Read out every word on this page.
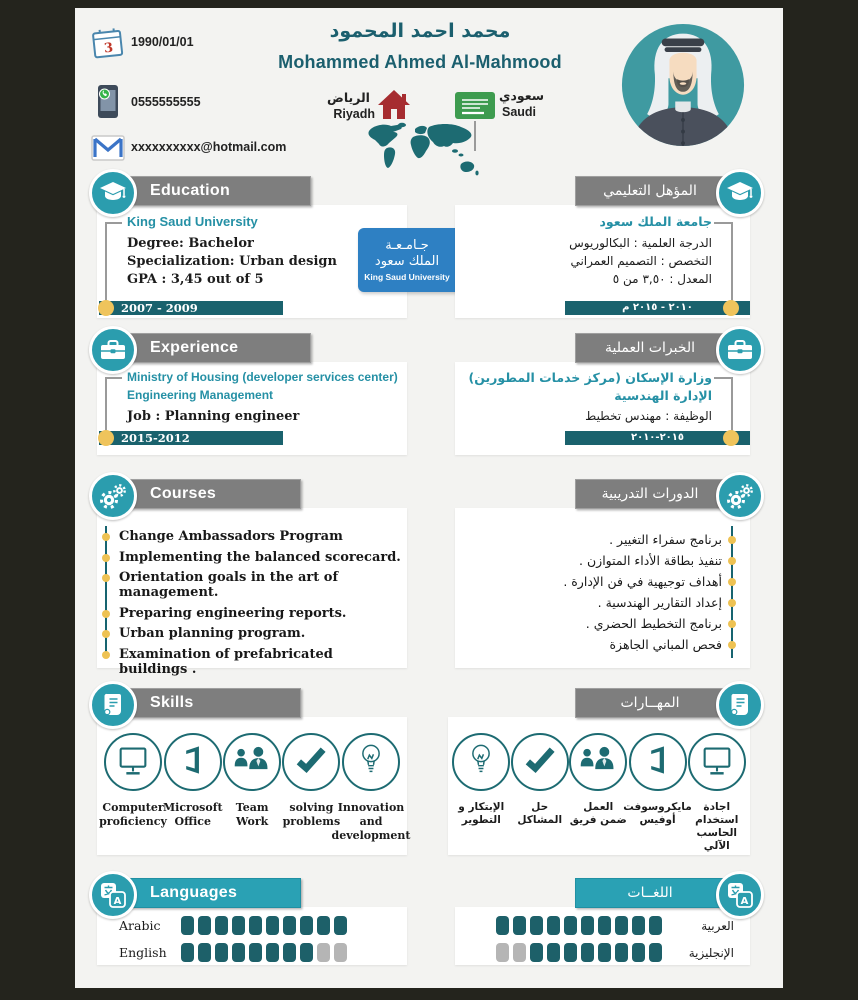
3 1990/01/01
0555555555
xxxxxxxxxx@hotmail.com
محمد احمد المحمود
Mohammed Ahmed Al-Mahmood
الرياض
Riyadh
سعودي
Saudi
Education	المؤهل التعليمي
King Saud University
Degree: Bachelor
Specialization: Urban design
GPA : 3,45 out of 5
2007 - 2009
جـامـعـة
الملك سعود
King Saud University
جامعة الملك سعود
الدرجة العلمية : البكالوريوس
التخصص : التصميم العمراني
المعدل : ٣,٥٠ من ٥
٢٠١٠ - ٢٠١٥ م
Experience	الخبرات العملية
Ministry of Housing (developer services center)
Engineering Management
Job : Planning engineer
2015-2012
وزارة الإسكان (مركز خدمات المطورين)
الإدارة الهندسية
الوظيفة : مهندس تخطيط
٢٠١٥-٢٠١٠
Courses	الدورات التدريبية
Change Ambassadors Program
Implementing the balanced scorecard.
Orientation goals in the art of management.
Preparing engineering reports.
Urban planning program.
Examination of prefabricated buildings .
برنامج سفراء التغيير .
تنفيذ بطاقة الأداء المتوازن .
أهداف توجيهية في فن الإدارة .
إعداد التقارير الهندسية .
برنامج التخطيط الحضري .
فحص المباني الجاهزة
Skills	المهــارات
Computer proficiency
Microsoft Office
Team Work
solving problems
Innovation and development
الإبتكار و التطوير
حل المشاكل
العمل ضمن فريق
مايكروسوفت أوفيس
اجادة استخدام الحاسب الآلي
Languages
A
اللغــات
A
Arabic
English
العربية
الإنجليزية
